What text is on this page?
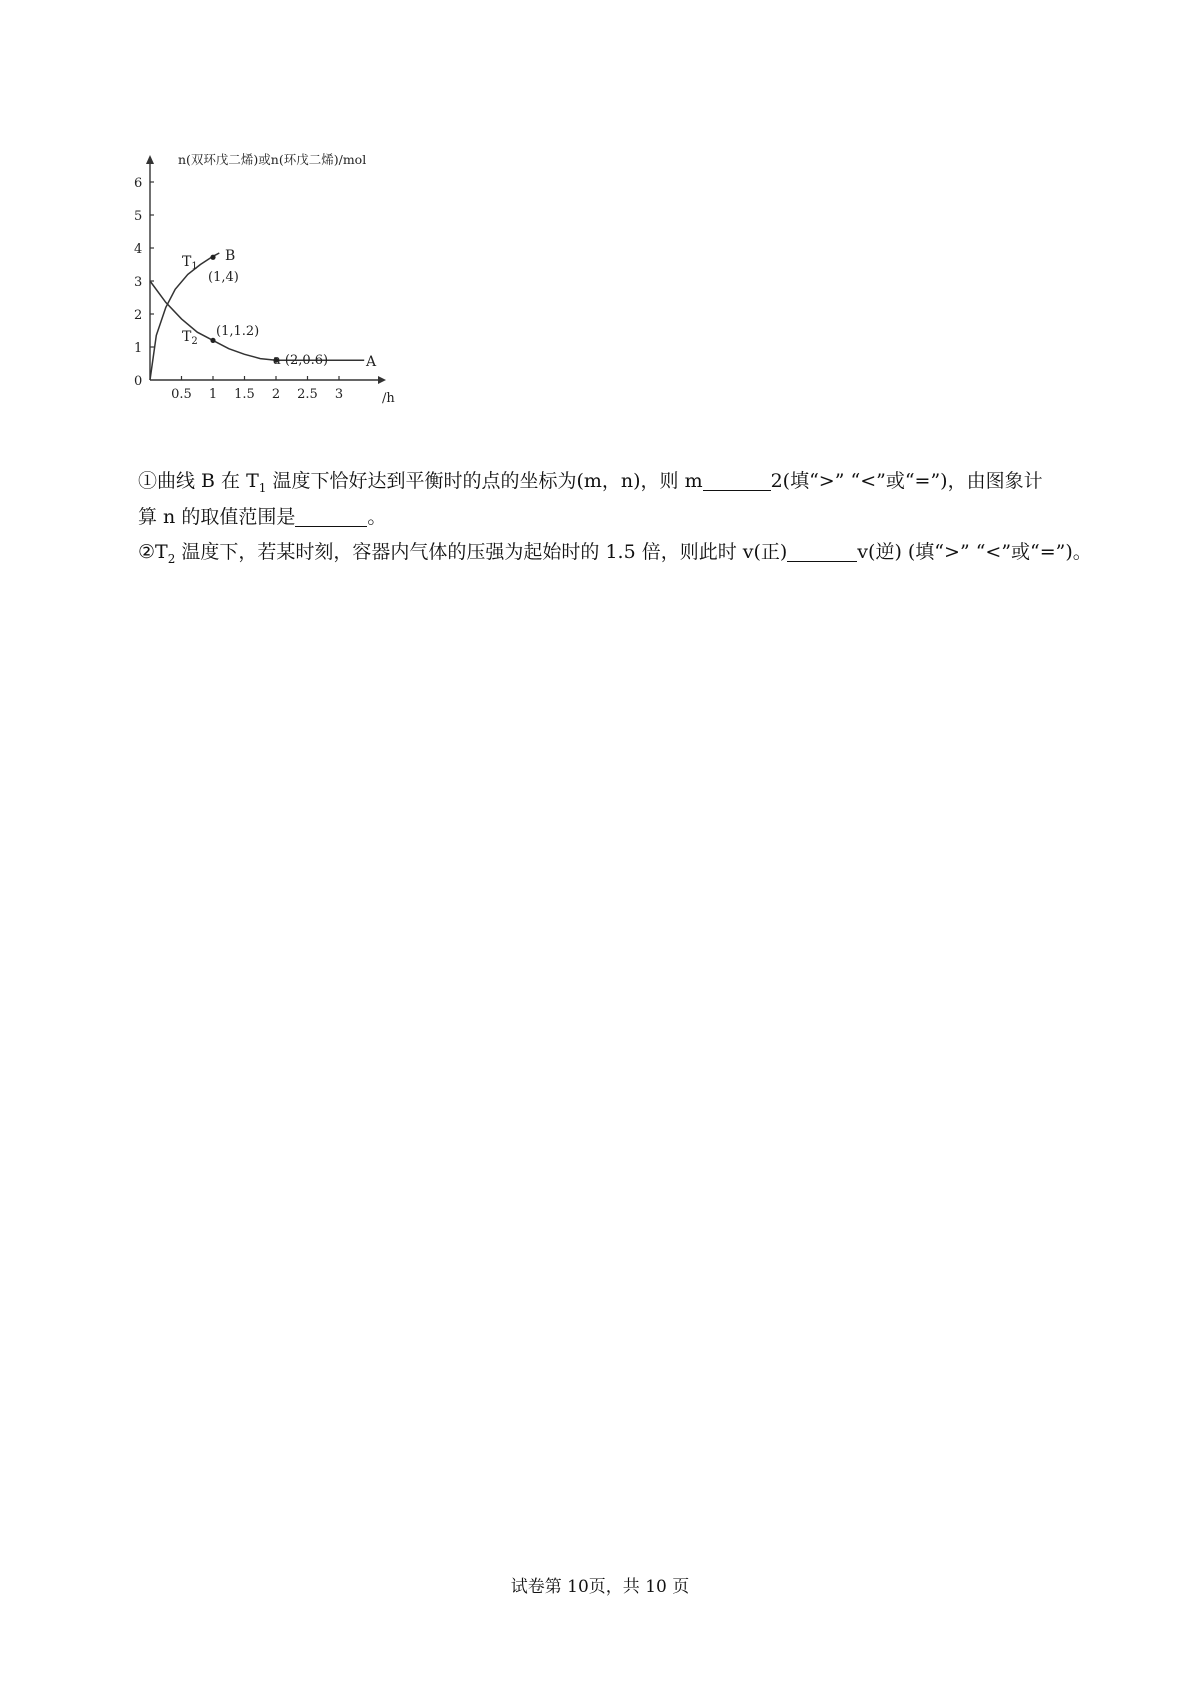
n(双环戊二烯)或n(环戊二烯)/mol
/h
0
0.5 1 1.5 2 2.5 3
1
2
3
4
5
6
$T_1$
B
(1,4)
$T_2$
(1,1.2)
a (2,0.6)	A
①曲线 B 在 $T_1$ 温度下恰好达到平衡时的点的坐标为(m，n)，则 m	2(填“>” “<”或“=”)，由图象计
算 n 的取值范围是	。
$②T_2$ 温度下，若某时刻，容器内气体的压强为起始时的 1.5 倍，则此时 v(正)	v(逆) (填“>” “<”或“=”)。
试卷第 10页，共 10 页
